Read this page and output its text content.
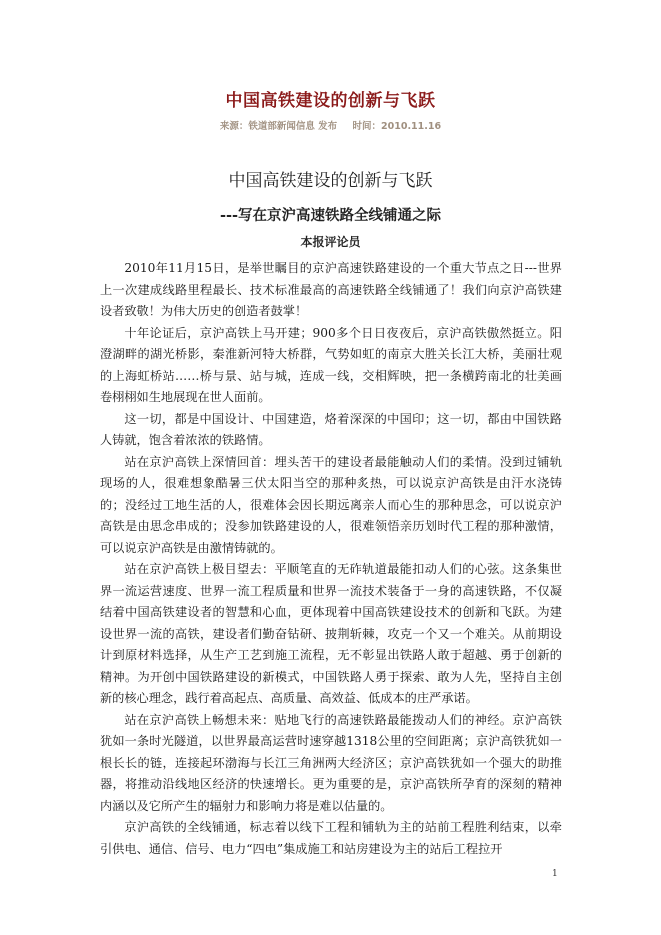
中国高铁建设的创新与飞跃
来源：铁道部新闻信息 发布 时间：2010.11.16
中国高铁建设的创新与飞跃
---写在京沪高速铁路全线铺通之际
本报评论员

2010年11月15日，是举世瞩目的京沪高速铁路建设的一个重大节点之日---世界上一次建成线路里程最长、技术标准最高的高速铁路全线铺通了！我们向京沪高铁建设者致敬！为伟大历史的创造者鼓掌！

十年论证后，京沪高铁上马开建；900多个日日夜夜后，京沪高铁傲然挺立。阳澄湖畔的湖光桥影，秦淮新河特大桥群，气势如虹的南京大胜关长江大桥，美丽壮观的上海虹桥站……桥与景、站与城，连成一线，交相辉映，把一条横跨南北的壮美画卷栩栩如生地展现在世人面前。

这一切，都是中国设计、中国建造，烙着深深的中国印；这一切，都由中国铁路人铸就，饱含着浓浓的铁路情。

站在京沪高铁上深情回首：埋头苦干的建设者最能触动人们的柔情。没到过铺轨现场的人，很难想象酷暑三伏太阳当空的那种炙热，可以说京沪高铁是由汗水浇铸的；没经过工地生活的人，很难体会因长期远离亲人而心生的那种思念，可以说京沪高铁是由思念串成的；没参加铁路建设的人，很难领悟亲历划时代工程的那种激情，可以说京沪高铁是由激情铸就的。

站在京沪高铁上极目望去：平顺笔直的无砟轨道最能扣动人们的心弦。这条集世界一流运营速度、世界一流工程质量和世界一流技术装备于一身的高速铁路，不仅凝结着中国高铁建设者的智慧和心血，更体现着中国高铁建设技术的创新和飞跃。为建设世界一流的高铁，建设者们勤奋钻研、披荆斩棘，攻克一个又一个难关。从前期设计到原材料选择，从生产工艺到施工流程，无不彰显出铁路人敢于超越、勇于创新的精神。为开创中国铁路建设的新模式，中国铁路人勇于探索、敢为人先，坚持自主创新的核心理念，践行着高起点、高质量、高效益、低成本的庄严承诺。

站在京沪高铁上畅想未来：贴地飞行的高速铁路最能拨动人们的神经。京沪高铁犹如一条时光隧道，以世界最高运营时速穿越1318公里的空间距离；京沪高铁犹如一根长长的链，连接起环渤海与长江三角洲两大经济区；京沪高铁犹如一个强大的助推器，将推动沿线地区经济的快速增长。更为重要的是，京沪高铁所孕育的深刻的精神内涵以及它所产生的辐射力和影响力将是难以估量的。

京沪高铁的全线铺通，标志着以线下工程和铺轨为主的站前工程胜利结束，以牵引供电、通信、信号、电力“四电”集成施工和站房建设为主的站后工程拉开

1
